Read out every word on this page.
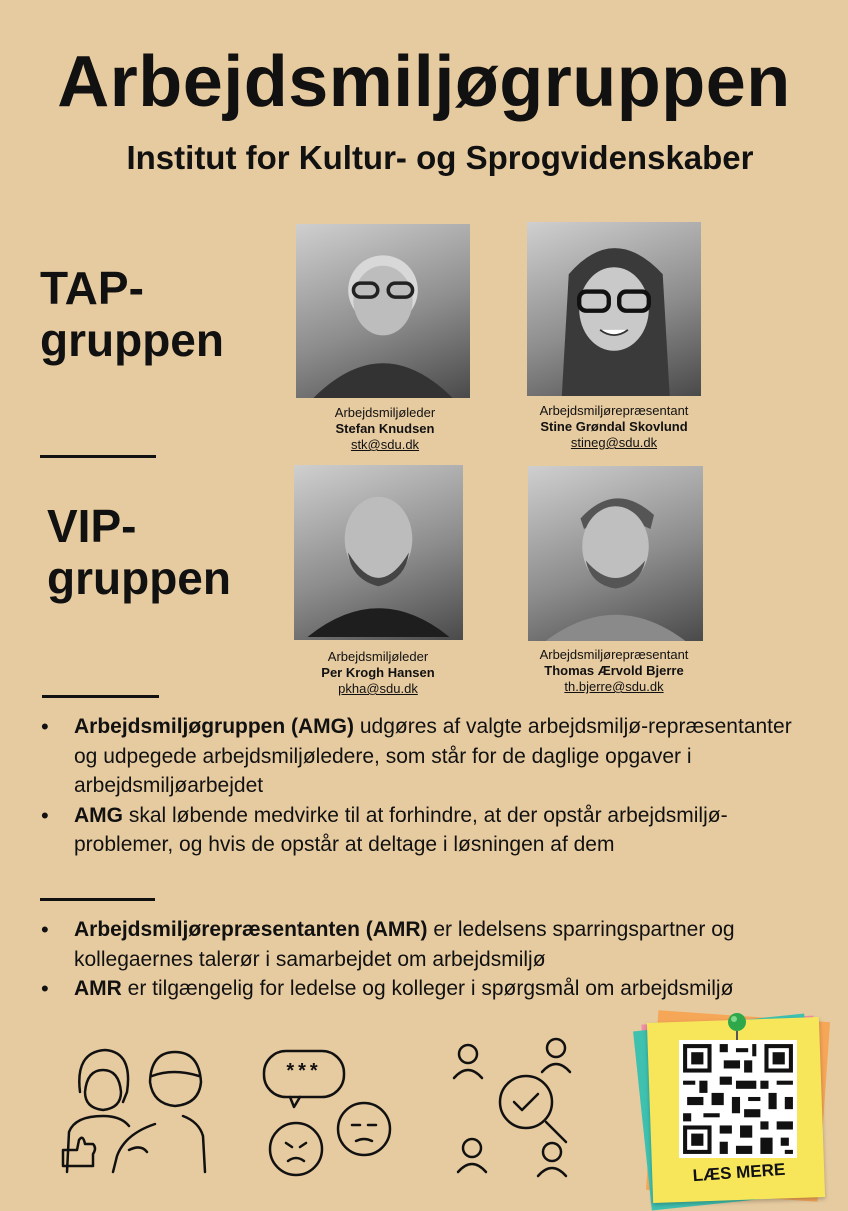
Arbejdsmiljøgruppen
Institut for Kultur- og Sprogvidenskaber
TAP-
gruppen
VIP-
gruppen
Arbejdsmiljøleder
Stefan Knudsen
stk@sdu.dk
Arbejdsmiljørepræsentant
Stine Grøndal Skovlund
stineg@sdu.dk
Arbejdsmiljøleder
Per Krogh Hansen
pkha@sdu.dk
Arbejdsmiljørepræsentant
Thomas Ærvold Bjerre
th.bjerre@sdu.dk
• Arbejdsmiljøgruppen (AMG) udgøres af valgte arbejdsmiljø-repræsentanter og udpegede arbejdsmiljøledere, som står for de daglige opgaver i arbejdsmiljøarbejdet
• AMG skal løbende medvirke til at forhindre, at der opstår arbejdsmiljø-problemer, og hvis de opstår at deltage i løsningen af dem
• Arbejdsmiljørepræsentanten (AMR) er ledelsens sparringspartner og kollegaernes talerør i samarbejdet om arbejdsmiljø
• AMR er tilgængelig for ledelse og kolleger i spørgsmål om arbejdsmiljø
***
LÆS MERE
